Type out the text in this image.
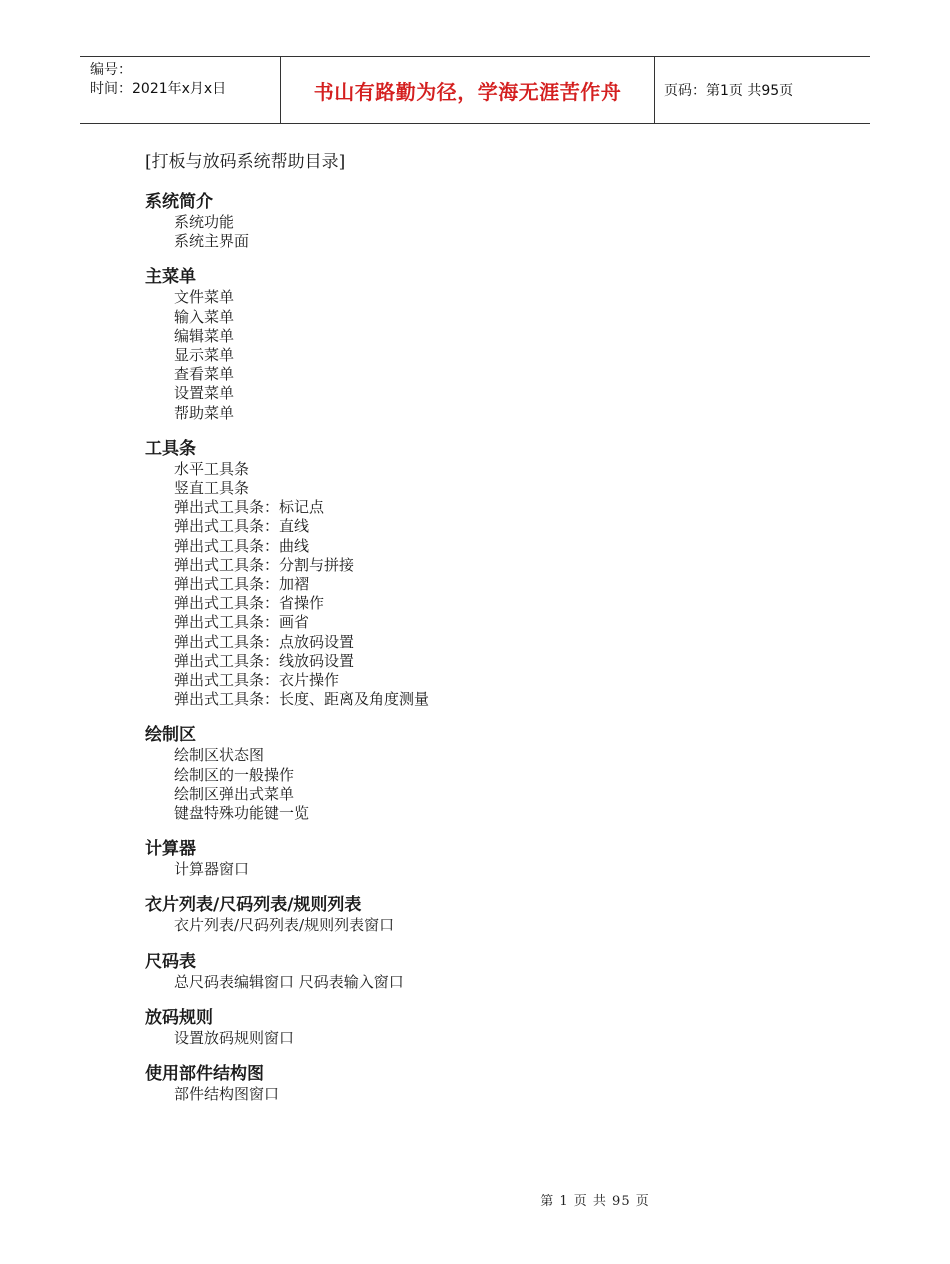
编号：
时间：2021年x月x日	书山有路勤为径，学海无涯苦作舟	页码：第1页 共95页
[打板与放码系统帮助目录]
系统简介
系统功能
系统主界面
主菜单
文件菜单
输入菜单
编辑菜单
显示菜单
查看菜单
设置菜单
帮助菜单
工具条
水平工具条
竖直工具条
弹出式工具条：标记点
弹出式工具条：直线
弹出式工具条：曲线
弹出式工具条：分割与拼接
弹出式工具条：加褶
弹出式工具条：省操作
弹出式工具条：画省
弹出式工具条：点放码设置
弹出式工具条：线放码设置
弹出式工具条：衣片操作
弹出式工具条：长度、距离及角度测量
绘制区
绘制区状态图
绘制区的一般操作
绘制区弹出式菜单
键盘特殊功能键一览
计算器
计算器窗口
衣片列表/尺码列表/规则列表
衣片列表/尺码列表/规则列表窗口
尺码表
总尺码表编辑窗口 尺码表输入窗口
放码规则
设置放码规则窗口
使用部件结构图
部件结构图窗口
第 1 页 共 95 页
